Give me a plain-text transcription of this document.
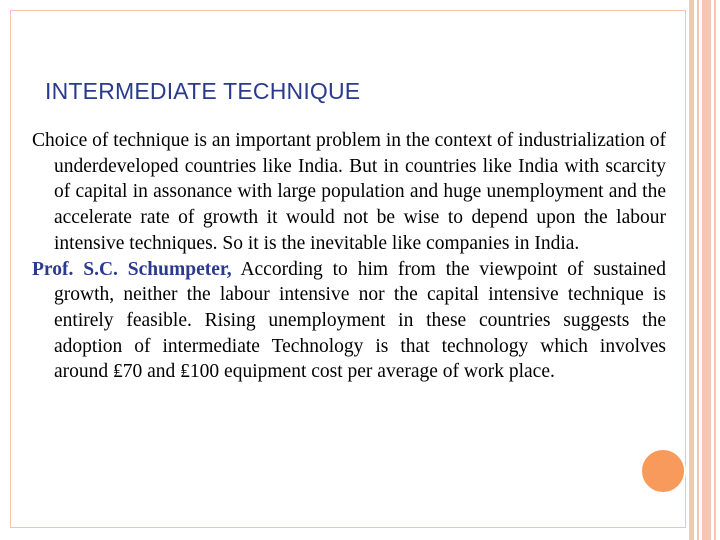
INTERMEDIATE TECHNIQUE

Choice of technique is an important problem in the context of industrialization of underdeveloped countries like India. But in countries like India with scarcity of capital in assonance with large population and huge unemployment and the accelerate rate of growth it would not be wise to depend upon the labour intensive techniques. So it is the inevitable like companies in India.

Prof. S.C. Schumpeter, According to him from the viewpoint of sustained growth, neither the labour intensive nor the capital intensive technique is entirely feasible. Rising unemployment in these countries suggests the adoption of intermediate Technology is that technology which involves around ₤70 and ₤100 equipment cost per average of work place.
